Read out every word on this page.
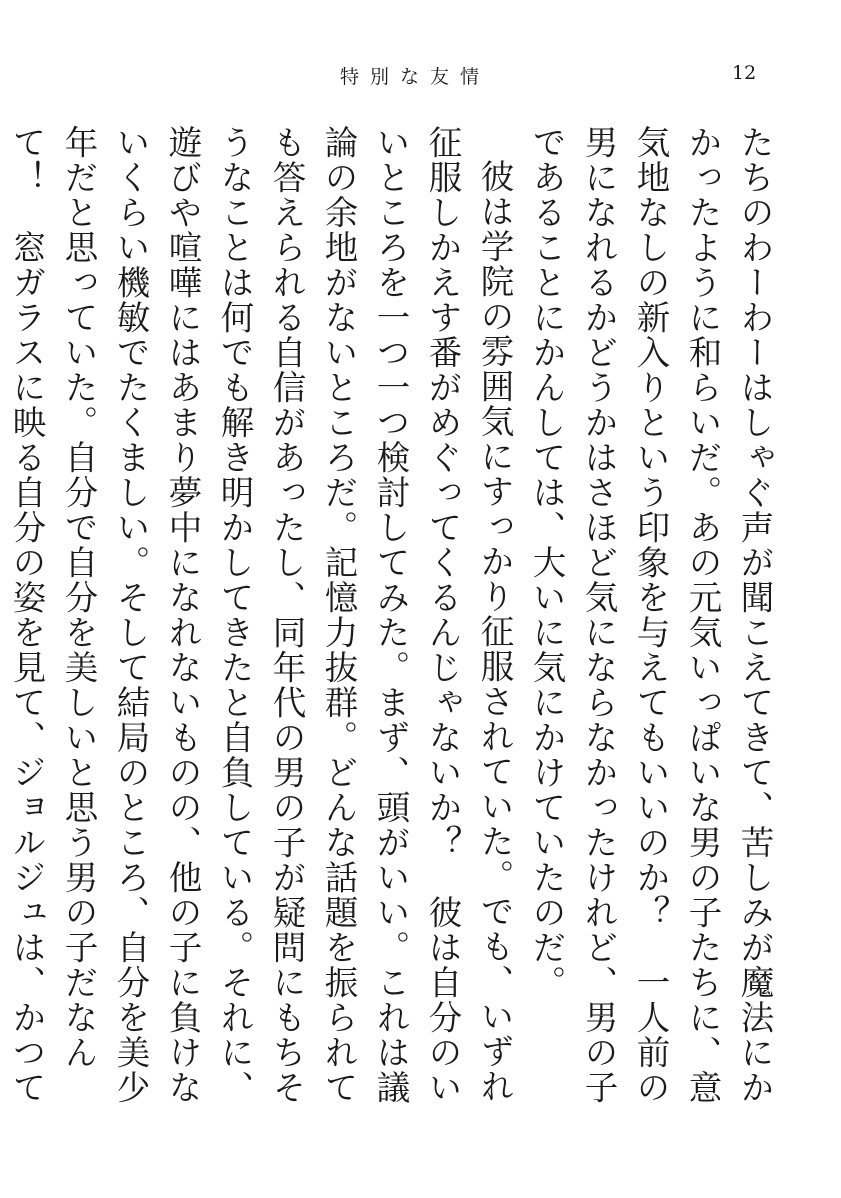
特別な友情	12

たちのわーわーはしゃぐ声が聞こえてきて、苦しみが魔法にかかったように和らいだ。あの元気いっぱいな男の子たちに、意気地なしの新入りという印象を与えてもいいのか？　一人前の男になれるかどうかはさほど気にならなかったけれど、男の子であることにかんしては、大いに気にかけていたのだ。

彼は学院の雰囲気にすっかり征服されていた。でも、いずれ征服しかえす番がめぐってくるんじゃないか？　彼は自分のいいところを一つ一つ検討してみた。まず、頭がいい。これは議論の余地がないところだ。記憶力抜群。どんな話題を振られても答えられる自信があったし、同年代の男の子が疑問にもちそうなことは何でも解き明かしてきたと自負している。それに、遊びや喧嘩にはあまり夢中になれないものの、他の子に負けないくらい機敏でたくましい。そして結局のところ、自分を美少年だと思っていた。自分で自分を美しいと思う男の子だなんて！　窓ガラスに映る自分の姿を見て、ジョルジュは、かつて
